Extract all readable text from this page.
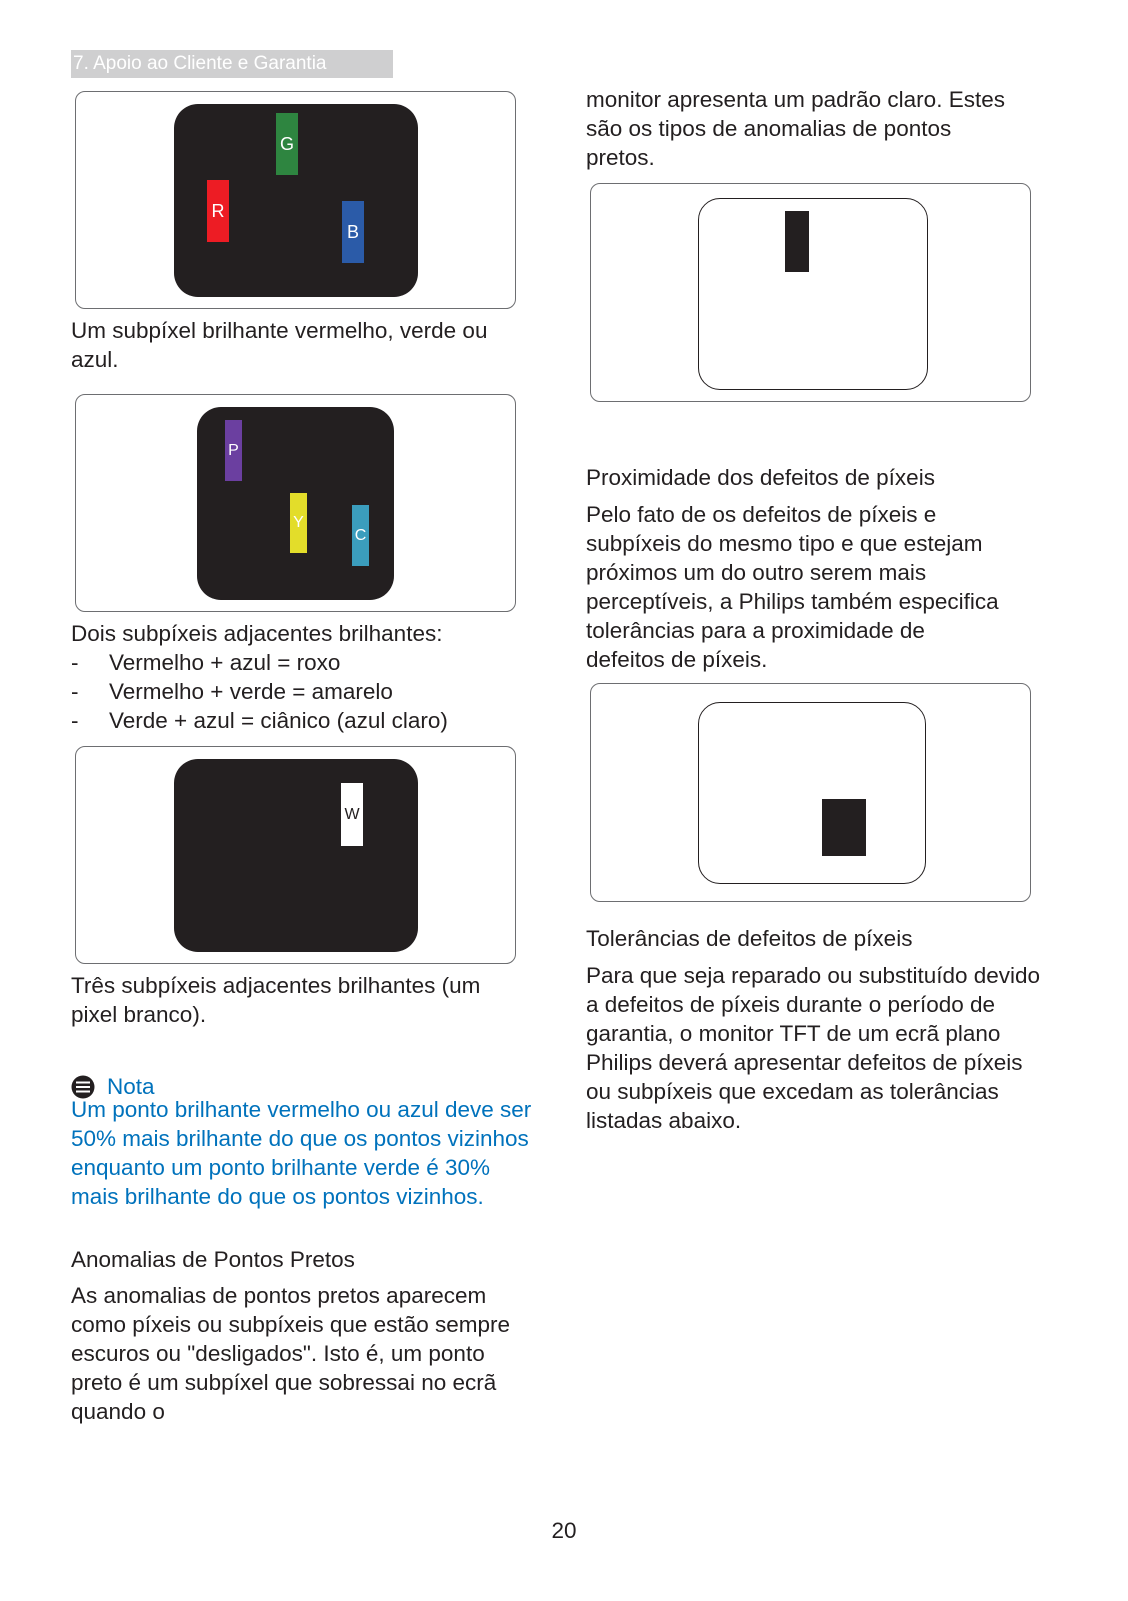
7. Apoio ao Cliente e Garantia
G
R
B

Um subpíxel brilhante vermelho, verde ou azul.

P
Y
C

Dois subpíxeis adjacentes brilhantes:

- Vermelho + azul = roxo
- Vermelho + verde = amarelo
- Verde + azul = ciânico (azul claro)
W

Três subpíxeis adjacentes brilhantes (um pixel branco).

Nota

Um ponto brilhante vermelho ou azul deve ser 50% mais brilhante do que os pontos vizinhos enquanto um ponto brilhante verde é 30% mais brilhante do que os pontos vizinhos.

Anomalias de Pontos Pretos

As anomalias de pontos pretos aparecem como píxeis ou subpíxeis que estão sempre escuros ou "desligados". Isto é, um ponto preto é um subpíxel que sobressai no ecrã quando o

monitor apresenta um padrão claro. Estes são os tipos de anomalias de pontos pretos.

Proximidade dos defeitos de píxeis

Pelo fato de os defeitos de píxeis e subpíxeis do mesmo tipo e que estejam próximos um do outro serem mais perceptíveis, a Philips também especifica tolerâncias para a proximidade de defeitos de píxeis.

Tolerâncias de defeitos de píxeis

Para que seja reparado ou substituído devido a defeitos de píxeis durante o período de garantia, o monitor TFT de um ecrã plano Philips deverá apresentar defeitos de píxeis ou subpíxeis que excedam as tolerâncias listadas abaixo.

20
